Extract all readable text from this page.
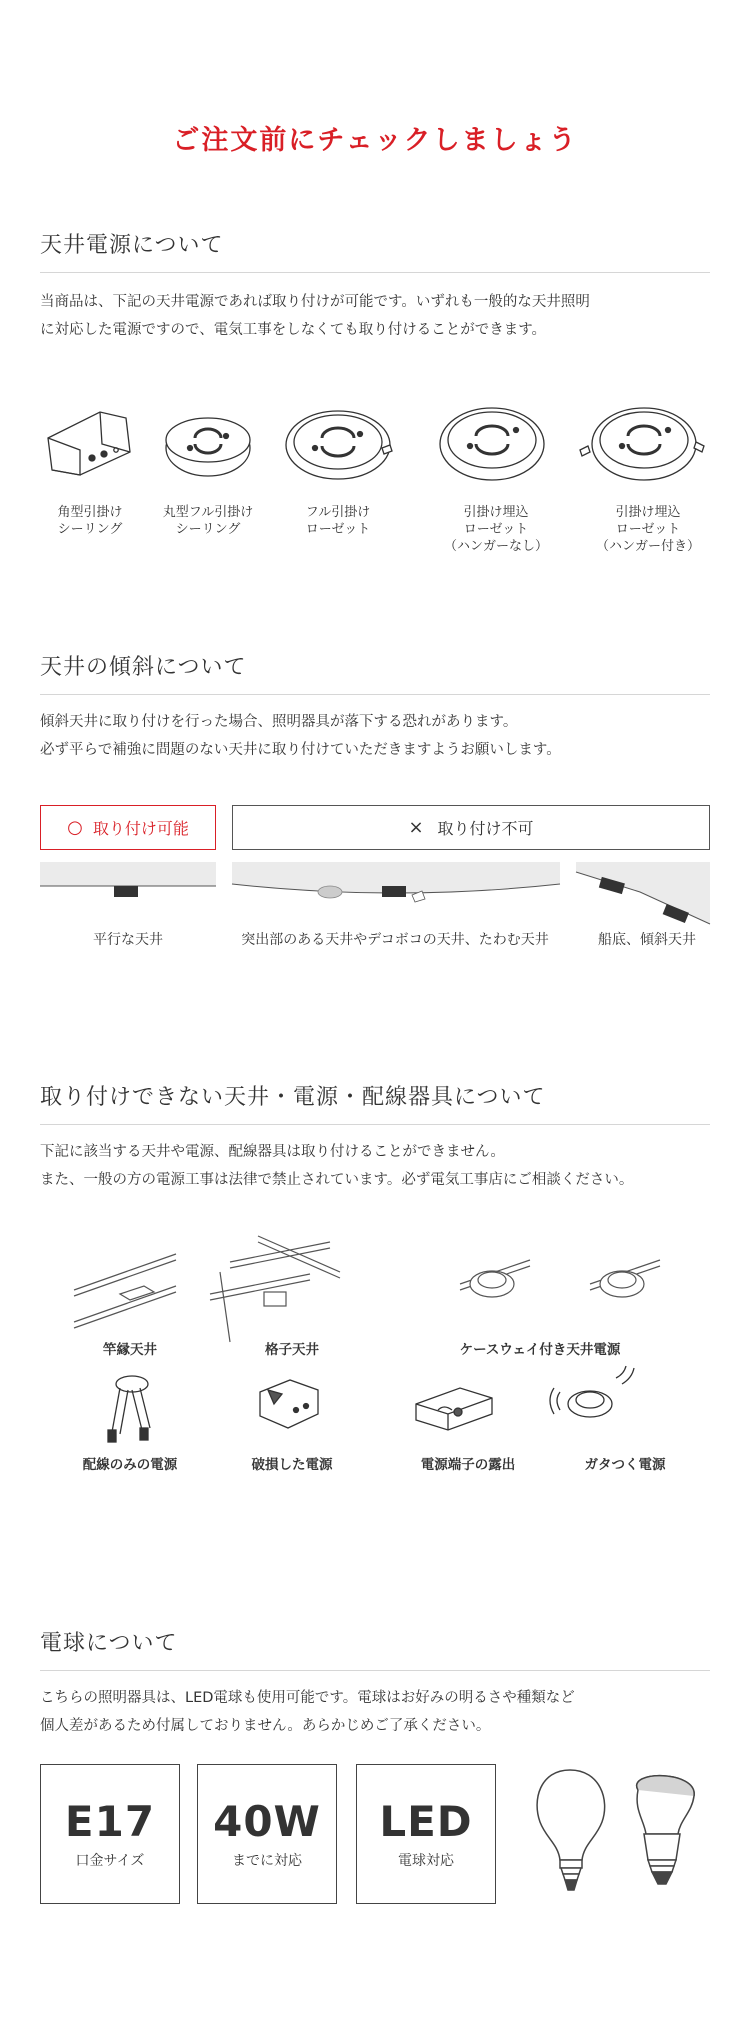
ご注文前にチェックしましょう
天井電源について
当商品は、下記の天井電源であれば取り付けが可能です。いずれも一般的な天井照明
に対応した電源ですので、電気工事をしなくても取り付けることができます。
角型引掛け
シーリング
丸型フル引掛け
シーリング
フル引掛け
ローゼット
引掛け埋込
ローゼット
（ハンガーなし）
引掛け埋込
ローゼット
（ハンガー付き）
天井の傾斜について
傾斜天井に取り付けを行った場合、照明器具が落下する恐れがあります。
必ず平らで補強に問題のない天井に取り付けていただきますようお願いします。
○ 取り付け可能	× 取り付け不可
平行な天井	突出部のある天井やデコボコの天井、たわむ天井	船底、傾斜天井
取り付けできない天井・電源・配線器具について
下記に該当する天井や電源、配線器具は取り付けることができません。
また、一般の方の電源工事は法律で禁止されています。必ず電気工事店にご相談ください。
竿縁天井	格子天井	ケースウェイ付き天井電源
配線のみの電源	破損した電源	電源端子の露出	ガタつく電源
電球について
こちらの照明器具は、LED電球も使用可能です。電球はお好みの明るさや種類など
個人差があるため付属しておりません。あらかじめご了承ください。
E17
口金サイズ
40W
までに対応
LED
電球対応
